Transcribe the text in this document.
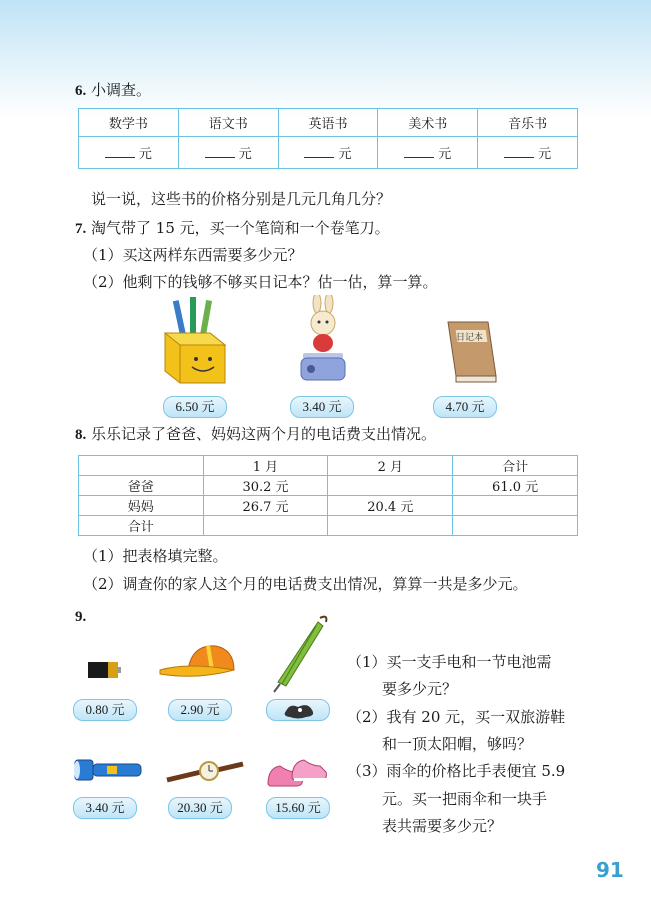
6. 小调查。
数学书	语文书	英语书	美术书	音乐书
元	元	元	元	元
说一说，这些书的价格分别是几元几角几分？
7. 淘气带了 15 元，买一个笔筒和一个卷笔刀。
（1）买这两样东西需要多少元？
（2）他剩下的钱够不够买日记本？估一估，算一算。
6.50 元	3.40 元
日记本
4.70 元
8. 乐乐记录了爸爸、妈妈这两个月的电话费支出情况。
	1 月	2 月	合计
爸爸	30.2 元		61.0 元
妈妈	26.7 元	20.4 元	
合计			
（1）把表格填完整。
（2）调查你的家人这个月的电话费支出情况，算算一共是多少元。
9.
0.80 元	2.90 元
3.40 元	20.30 元	15.60 元
（1）买一支手电和一节电池需
要多少元？
（2）我有 20 元，买一双旅游鞋
和一顶太阳帽，够吗？
（3）雨伞的价格比手表便宜 5.9
元。买一把雨伞和一块手
表共需要多少元？
91
